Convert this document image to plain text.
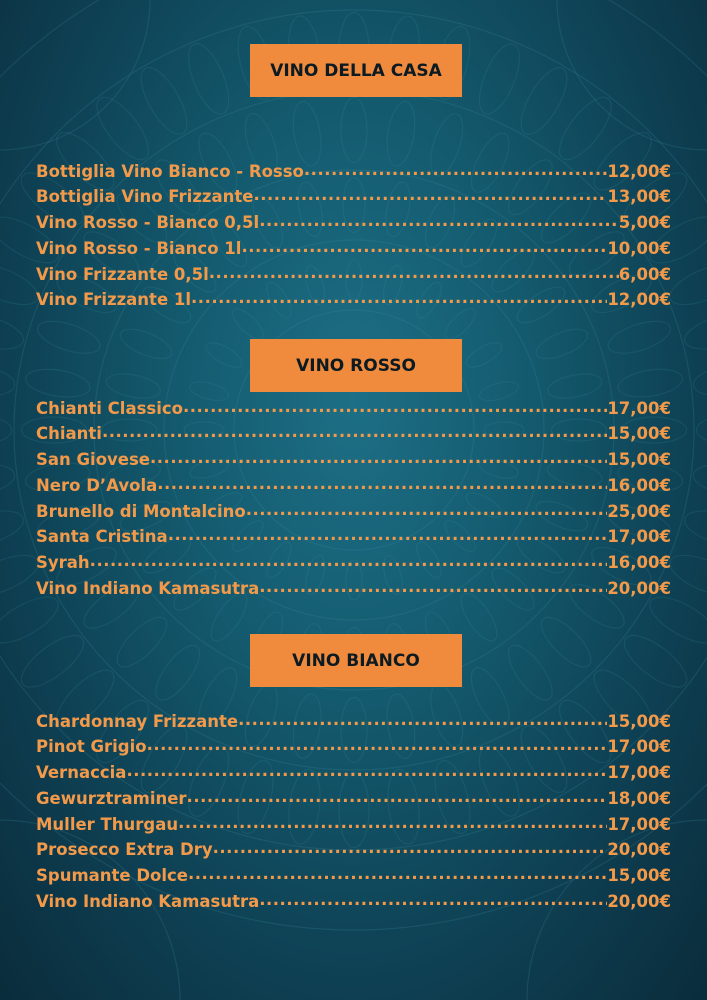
VINO DELLA CASA
Bottiglia Vino Bianco - Rosso .....	12,00€
Bottiglia Vino Frizzante .....	13,00€
Vino Rosso - Bianco 0,5l .....	5,00€
Vino Rosso - Bianco 1l .....	10,00€
Vino Frizzante 0,5l .....	6,00€
Vino Frizzante 1l .....	12,00€
VINO ROSSO
Chianti Classico .....	17,00€
Chianti .....	15,00€
San Giovese .....	15,00€
Nero D’Avola .....	16,00€
Brunello di Montalcino .....	25,00€
Santa Cristina .....	17,00€
Syrah .....	16,00€
Vino Indiano Kamasutra .....	20,00€
VINO BIANCO
Chardonnay Frizzante .....	15,00€
Pinot Grigio .....	17,00€
Vernaccia .....	17,00€
Gewurztraminer .....	18,00€
Muller Thurgau .....	17,00€
Prosecco Extra Dry .....	20,00€
Spumante Dolce .....	15,00€
Vino Indiano Kamasutra .....	20,00€
